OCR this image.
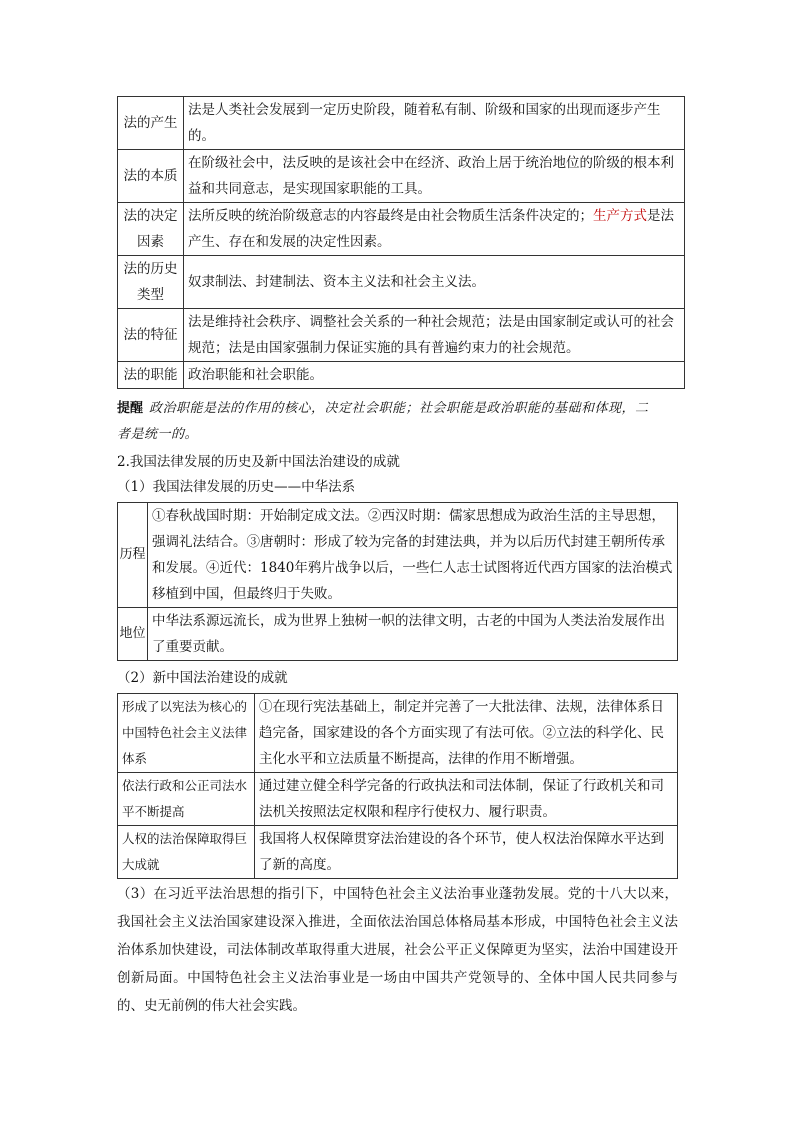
法的产生	法是人类社会发展到一定历史阶段，随着私有制、阶级和国家的出现而逐步产生的。
法的本质	在阶级社会中，法反映的是该社会中在经济、政治上居于统治地位的阶级的根本利益和共同意志，是实现国家职能的工具。
法的决定因素	法所反映的统治阶级意志的内容最终是由社会物质生活条件决定的；生产方式是法产生、存在和发展的决定性因素。
法的历史类型	奴隶制法、封建制法、资本主义法和社会主义法。
法的特征	法是维持社会秩序、调整社会关系的一种社会规范；法是由国家制定或认可的社会规范；法是由国家强制力保证实施的具有普遍约束力的社会规范。
法的职能	政治职能和社会职能。
提醒 政治职能是法的作用的核心，决定社会职能；社会职能是政治职能的基础和体现，二
者是统一的。
2.我国法律发展的历史及新中国法治建设的成就
（1）我国法律发展的历史——中华法系
历程	①春秋战国时期：开始制定成文法。②西汉时期：儒家思想成为政治生活的主导思想，强调礼法结合。③唐朝时：形成了较为完备的封建法典，并为以后历代封建王朝所传承和发展。④近代：1840年鸦片战争以后，一些仁人志士试图将近代西方国家的法治模式移植到中国，但最终归于失败。
地位	中华法系源远流长，成为世界上独树一帜的法律文明，古老的中国为人类法治发展作出了重要贡献。
（2）新中国法治建设的成就
形成了以宪法为核心的中国特色社会主义法律体系	①在现行宪法基础上，制定并完善了一大批法律、法规，法律体系日趋完备，国家建设的各个方面实现了有法可依。②立法的科学化、民主化水平和立法质量不断提高，法律的作用不断增强。
依法行政和公正司法水平不断提高	通过建立健全科学完备的行政执法和司法体制，保证了行政机关和司法机关按照法定权限和程序行使权力、履行职责。
人权的法治保障取得巨大成就	我国将人权保障贯穿法治建设的各个环节，使人权法治保障水平达到了新的高度。
（3）在习近平法治思想的指引下，中国特色社会主义法治事业蓬勃发展。党的十八大以来，我国社会主义法治国家建设深入推进，全面依法治国总体格局基本形成，中国特色社会主义法治体系加快建设，司法体制改革取得重大进展，社会公平正义保障更为坚实，法治中国建设开创新局面。中国特色社会主义法治事业是一场由中国共产党领导的、全体中国人民共同参与的、史无前例的伟大社会实践。
